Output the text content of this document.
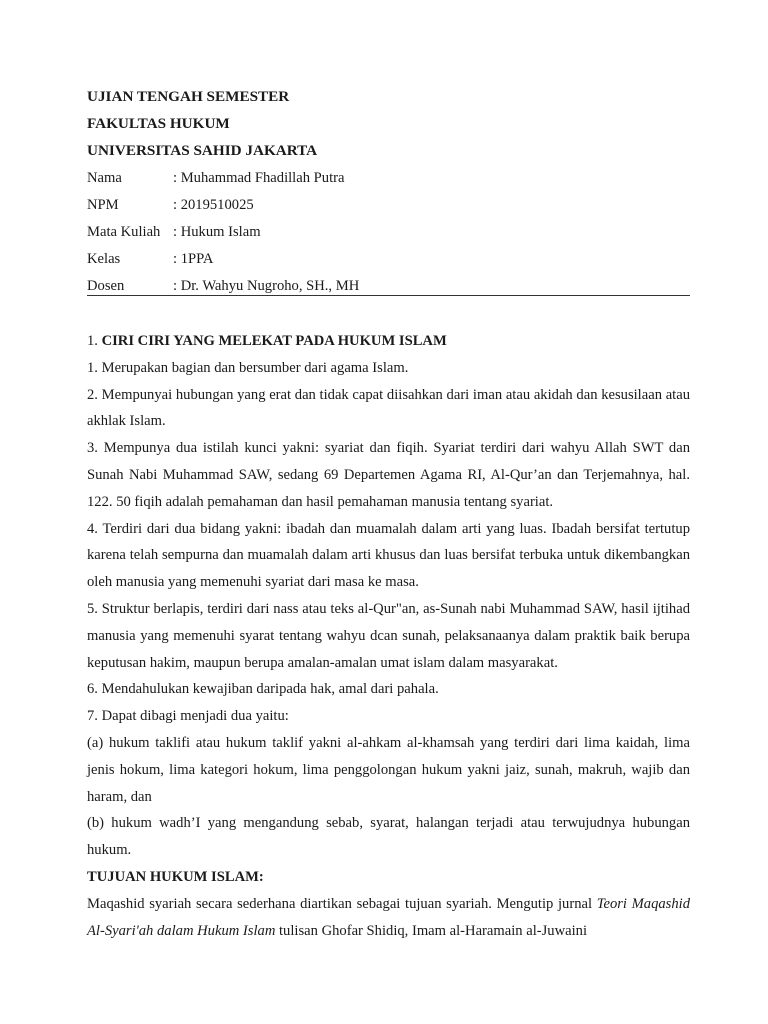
UJIAN TENGAH SEMESTER
FAKULTAS HUKUM
UNIVERSITAS SAHID JAKARTA
Nama	: Muhammad Fhadillah Putra
NPM	: 2019510025
Mata Kuliah : Hukum Islam
Kelas	: 1PPA
Dosen	: Dr. Wahyu Nugroho, SH., MH

1. CIRI CIRI YANG MELEKAT PADA HUKUM ISLAM

1. Merupakan bagian dan bersumber dari agama Islam.

2. Mempunyai hubungan yang erat dan tidak capat diisahkan dari iman atau akidah dan kesusilaan atau akhlak Islam.

3. Mempunya dua istilah kunci yakni: syariat dan fiqih. Syariat terdiri dari wahyu Allah SWT dan Sunah Nabi Muhammad SAW, sedang 69 Departemen Agama RI, Al-Qur’an dan Terjemahnya, hal. 122. 50 fiqih adalah pemahaman dan hasil pemahaman manusia tentang syariat.

4. Terdiri dari dua bidang yakni: ibadah dan muamalah dalam arti yang luas. Ibadah bersifat tertutup karena telah sempurna dan muamalah dalam arti khusus dan luas bersifat terbuka untuk dikembangkan oleh manusia yang memenuhi syariat dari masa ke masa.

5. Struktur berlapis, terdiri dari nass atau teks al-Qur"an, as-Sunah nabi Muhammad SAW, hasil ijtihad manusia yang memenuhi syarat tentang wahyu dcan sunah, pelaksanaanya dalam praktik baik berupa keputusan hakim, maupun berupa amalan-amalan umat islam dalam masyarakat.

6. Mendahulukan kewajiban daripada hak, amal dari pahala.

7. Dapat dibagi menjadi dua yaitu:

(a) hukum taklifi atau hukum taklif yakni al-ahkam al-khamsah yang terdiri dari lima kaidah, lima jenis hokum, lima kategori hokum, lima penggolongan hukum yakni jaiz, sunah, makruh, wajib dan haram, dan

(b) hukum wadh’I yang mengandung sebab, syarat, halangan terjadi atau terwujudnya hubungan hukum.

TUJUAN HUKUM ISLAM:

Maqashid syariah secara sederhana diartikan sebagai tujuan syariah. Mengutip jurnal Teori Maqashid Al-Syari'ah dalam Hukum Islam tulisan Ghofar Shidiq, Imam al-Haramain al-Juwaini
